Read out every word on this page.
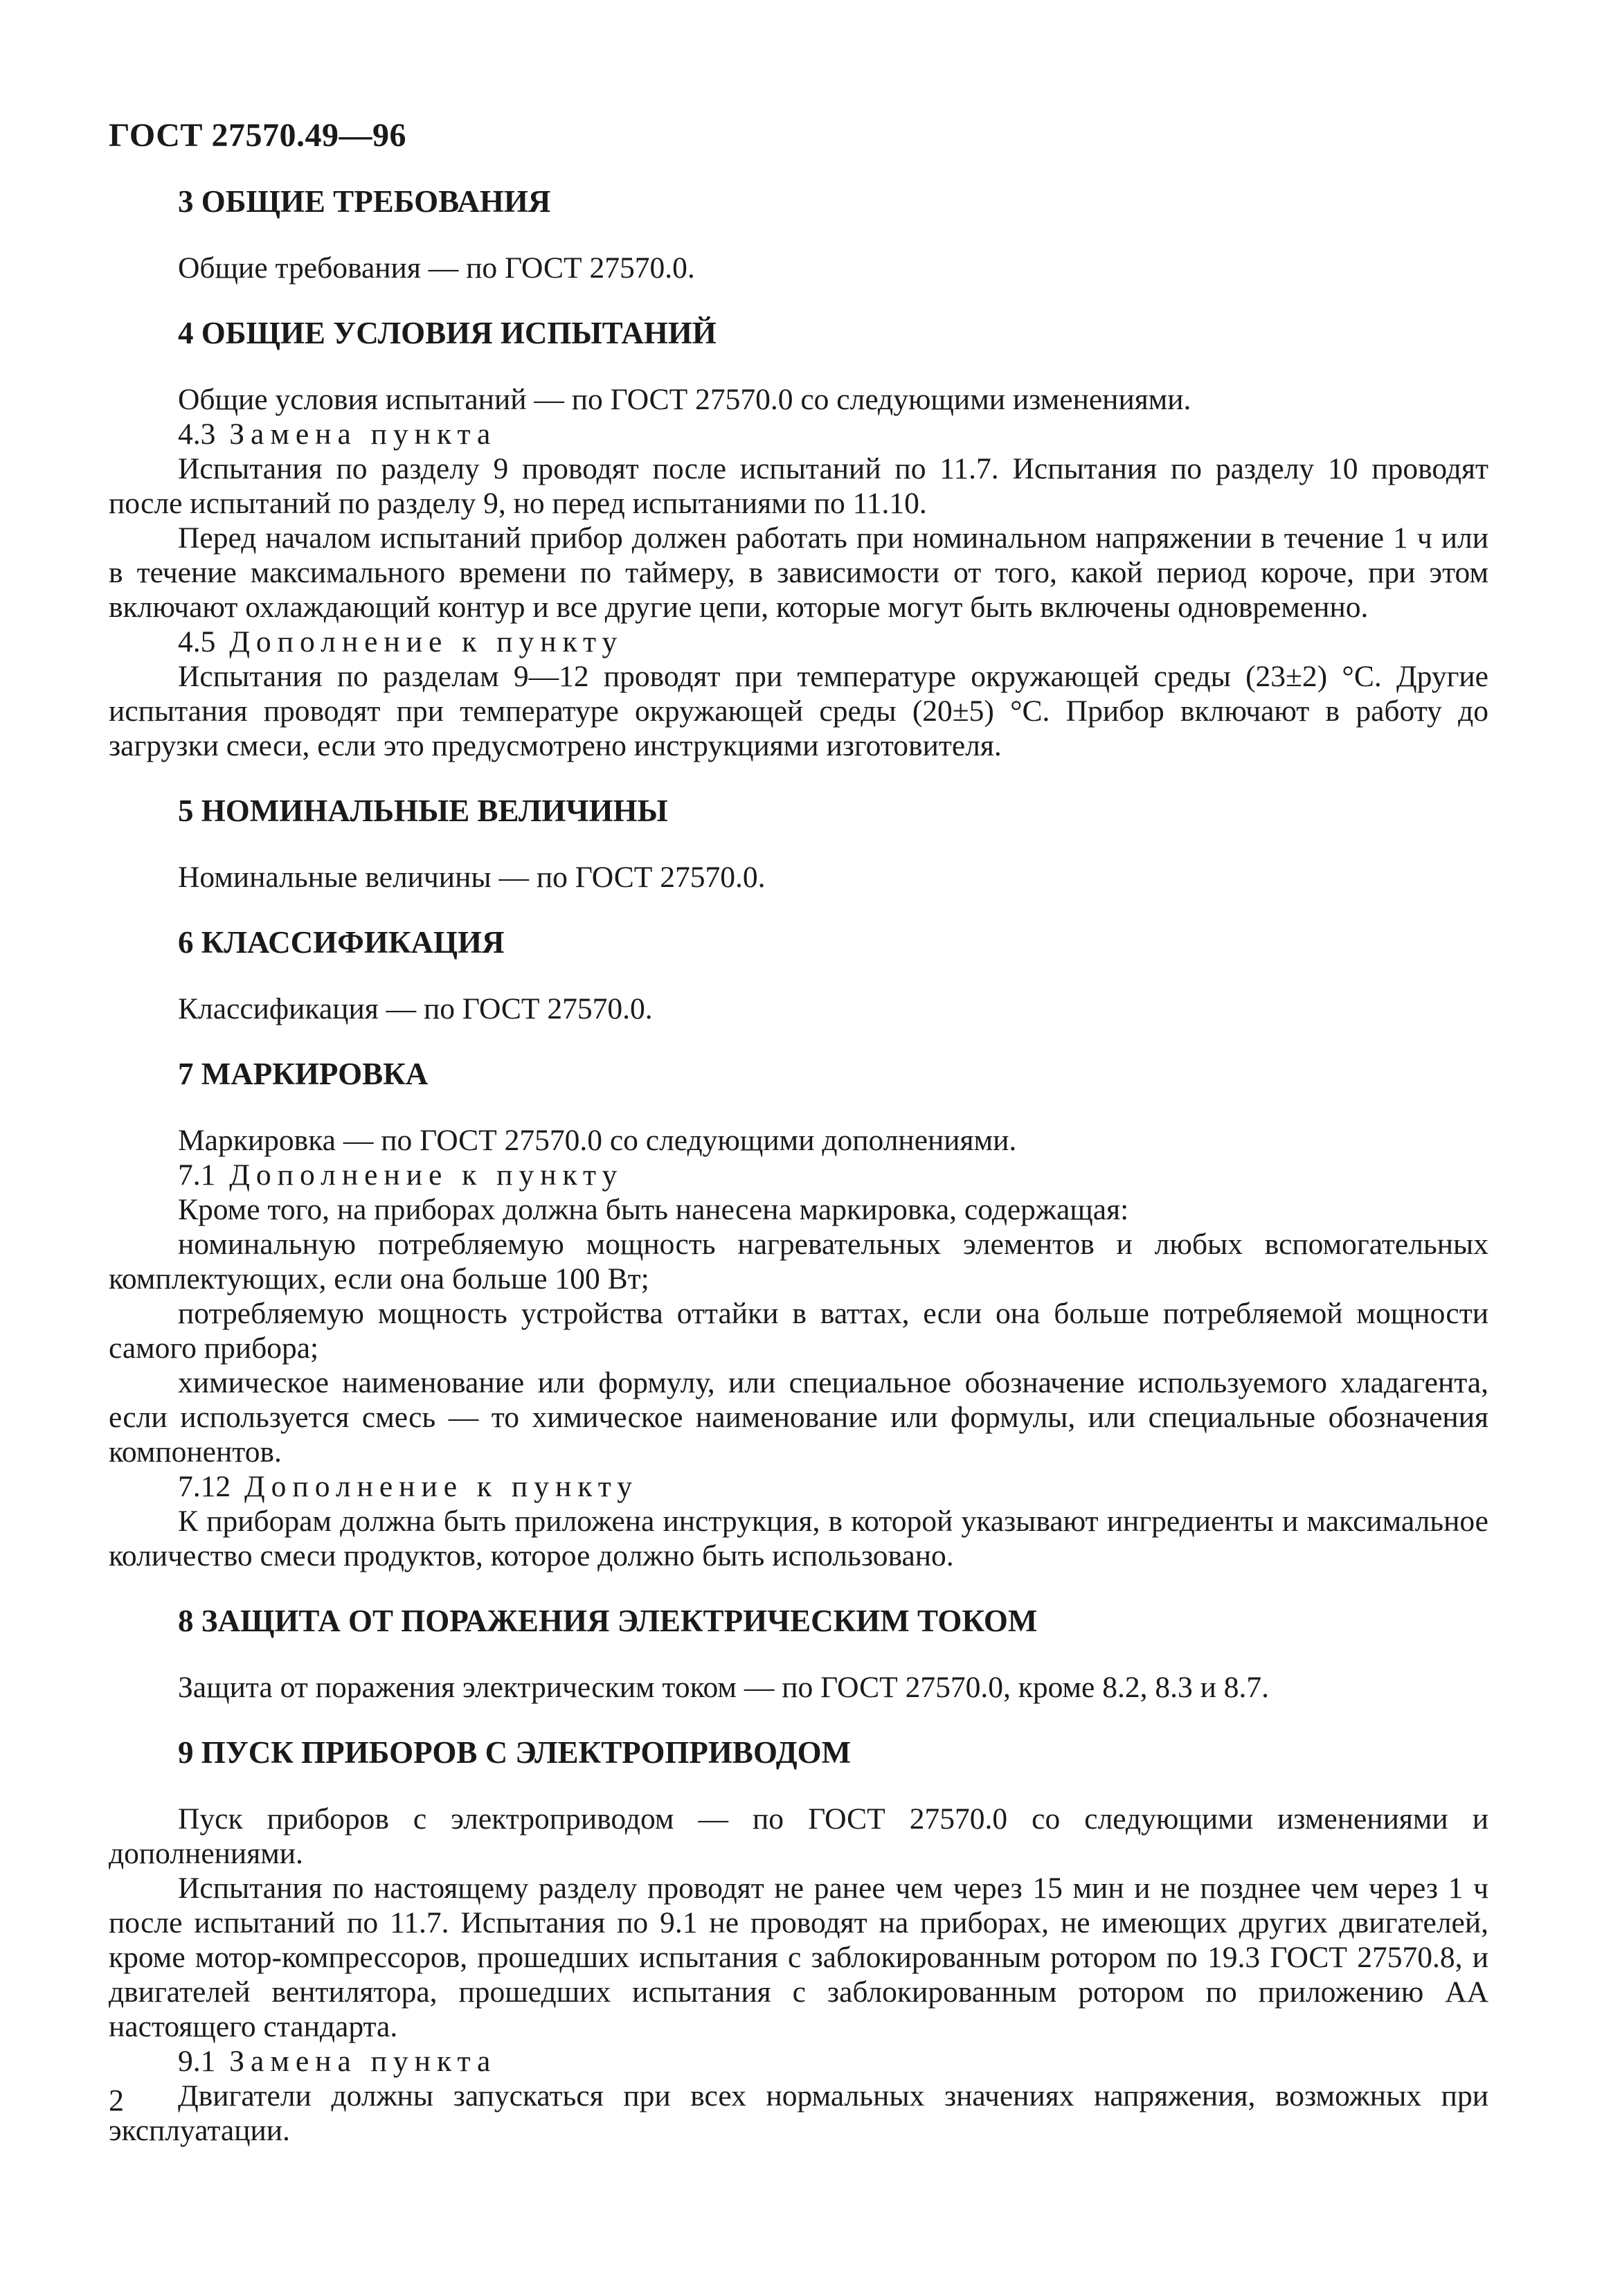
ГОСТ 27570.49—96
3 ОБЩИЕ ТРЕБОВАНИЯ

Общие требования — по ГОСТ 27570.0.

4 ОБЩИЕ УСЛОВИЯ ИСПЫТАНИЙ

Общие условия испытаний — по ГОСТ 27570.0 со следующими изменениями.

4.3 Замена пункта

Испытания по разделу 9 проводят после испытаний по 11.7. Испытания по разделу 10 проводят после испытаний по разделу 9, но перед испытаниями по 11.10.

Перед началом испытаний прибор должен работать при номинальном напряжении в течение 1 ч или в течение максимального времени по таймеру, в зависимости от того, какой период короче, при этом включают охлаждающий контур и все другие цепи, которые могут быть включены одновременно.

4.5 Дополнение к пункту

Испытания по разделам 9—12 проводят при температуре окружающей среды (23±2) °С. Другие испытания проводят при температуре окружающей среды (20±5) °С. Прибор включают в работу до загрузки смеси, если это предусмотрено инструкциями изготовителя.

5 НОМИНАЛЬНЫЕ ВЕЛИЧИНЫ

Номинальные величины — по ГОСТ 27570.0.

6 КЛАССИФИКАЦИЯ

Классификация — по ГОСТ 27570.0.

7 МАРКИРОВКА

Маркировка — по ГОСТ 27570.0 со следующими дополнениями.

7.1 Дополнение к пункту

Кроме того, на приборах должна быть нанесена маркировка, содержащая:

номинальную потребляемую мощность нагревательных элементов и любых вспомогательных комплектующих, если она больше 100 Вт;

потребляемую мощность устройства оттайки в ваттах, если она больше потребляемой мощности самого прибора;

химическое наименование или формулу, или специальное обозначение используемого хладагента, если используется смесь — то химическое наименование или формулы, или специальные обозначения компонентов.

7.12 Дополнение к пункту

К приборам должна быть приложена инструкция, в которой указывают ингредиенты и максимальное количество смеси продуктов, которое должно быть использовано.

8 ЗАЩИТА ОТ ПОРАЖЕНИЯ ЭЛЕКТРИЧЕСКИМ ТОКОМ

Защита от поражения электрическим током — по ГОСТ 27570.0, кроме 8.2, 8.3 и 8.7.

9 ПУСК ПРИБОРОВ С ЭЛЕКТРОПРИВОДОМ

Пуск приборов с электроприводом — по ГОСТ 27570.0 со следующими изменениями и дополнениями.

Испытания по настоящему разделу проводят не ранее чем через 15 мин и не позднее чем через 1 ч после испытаний по 11.7. Испытания по 9.1 не проводят на приборах, не имеющих других двигателей, кроме мотор-компрессоров, прошедших испытания с заблокированным ротором по 19.3 ГОСТ 27570.8, и двигателей вентилятора, прошедших испытания с заблокированным ротором по приложению АА настоящего стандарта.

9.1 Замена пункта

Двигатели должны запускаться при всех нормальных значениях напряжения, возможных при эксплуатации.

2
